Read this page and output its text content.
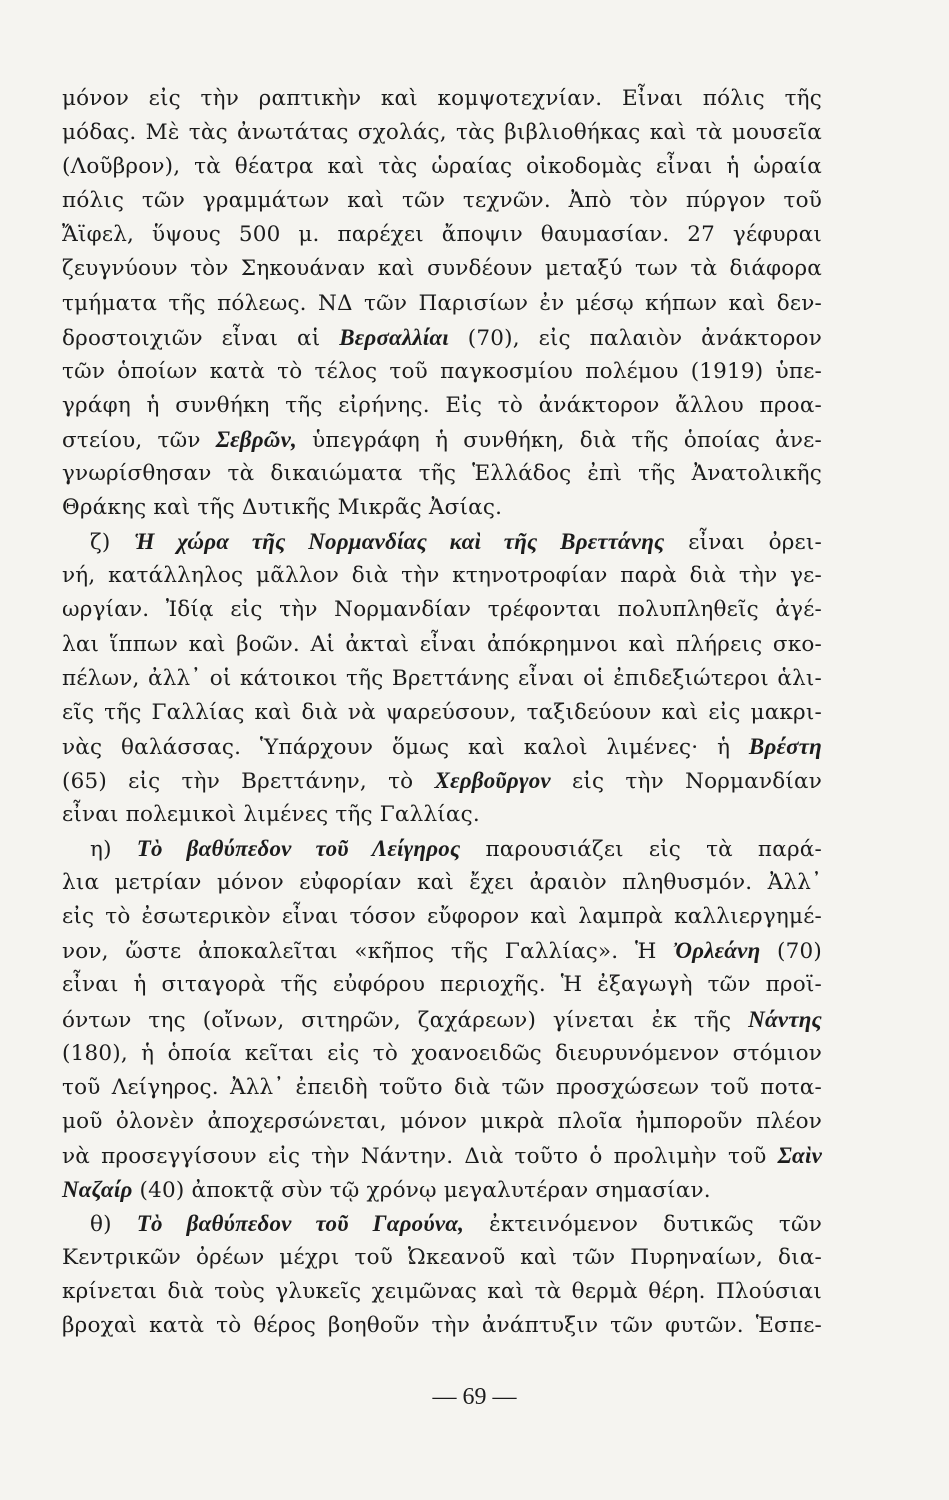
μόνον εἰς τὴν ραπτικὴν καὶ κομψοτεχνίαν. Εἶναι πόλις τῆς
μόδας. Μὲ τὰς ἀνωτάτας σχολάς, τὰς βιβλιοθήκας καὶ τὰ μουσεῖα
(Λοῦβρον), τὰ θέατρα καὶ τὰς ὡραίας οἰκοδομὰς εἶναι ἡ ὡραία
πόλις τῶν γραμμάτων καὶ τῶν τεχνῶν. Ἀπὸ τὸν πύργον τοῦ
Ἄϊφελ, ὕψους 500 μ. παρέχει ἄποψιν θαυμασίαν. 27 γέφυραι
ζευγνύουν τὸν Σηκουάναν καὶ συνδέουν μεταξύ των τὰ διάφορα
τμήματα τῆς πόλεως. ΝΔ τῶν Παρισίων ἐν μέσῳ κήπων καὶ δεν-
δροστοιχιῶν εἶναι αἱ Βερσαλλίαι (70), εἰς παλαιὸν ἀνάκτορον
τῶν ὁποίων κατὰ τὸ τέλος τοῦ παγκοσμίου πολέμου (1919) ὑπε-
γράφη ἡ συνθήκη τῆς εἰρήνης. Εἰς τὸ ἀνάκτορον ἄλλου προα-
στείου, τῶν Σεβρῶν, ὑπεγράφη ἡ συνθήκη, διὰ τῆς ὁποίας ἀνε-
γνωρίσθησαν τὰ δικαιώματα τῆς Ἑλλάδος ἐπὶ τῆς Ἀνατολικῆς
Θράκης καὶ τῆς Δυτικῆς Μικρᾶς Ἀσίας.
ζ) Ἡ χώρα τῆς Νορμανδίας καὶ τῆς Βρεττάνης εἶναι ὀρει-
νή, κατάλληλος μᾶλλον διὰ τὴν κτηνοτροφίαν παρὰ διὰ τὴν γε-
ωργίαν. Ἰδίᾳ εἰς τὴν Νορμανδίαν τρέφονται πολυπληθεῖς ἀγέ-
λαι ἵππων καὶ βοῶν. Αἱ ἀκταὶ εἶναι ἀπόκρημνοι καὶ πλήρεις σκο-
πέλων, ἀλλ᾽ οἱ κάτοικοι τῆς Βρεττάνης εἶναι οἱ ἐπιδεξιώτεροι ἁλι-
εῖς τῆς Γαλλίας καὶ διὰ νὰ ψαρεύσουν, ταξιδεύουν καὶ εἰς μακρι-
νὰς θαλάσσας. Ὑπάρχουν ὅμως καὶ καλοὶ λιμένες· ἡ Βρέστη
(65) εἰς τὴν Βρεττάνην, τὸ Χερβοῦργον εἰς τὴν Νορμανδίαν
εἶναι πολεμικοὶ λιμένες τῆς Γαλλίας.
η) Τὸ βαθύπεδον τοῦ Λείγηρος παρουσιάζει εἰς τὰ παρά-
λια μετρίαν μόνον εὐφορίαν καὶ ἔχει ἀραιὸν πληθυσμόν. Ἀλλ᾽
εἰς τὸ ἐσωτερικὸν εἶναι τόσον εὔφορον καὶ λαμπρὰ καλλιεργημέ-
νον, ὥστε ἀποκαλεῖται «κῆπος τῆς Γαλλίας». Ἡ Ὀρλεάνη (70)
εἶναι ἡ σιταγορὰ τῆς εὐφόρου περιοχῆς. Ἡ ἐξαγωγὴ τῶν προϊ-
όντων της (οἴνων, σιτηρῶν, ζαχάρεων) γίνεται ἐκ τῆς Νάντης
(180), ἡ ὁποία κεῖται εἰς τὸ χοανοειδῶς διευρυνόμενον στόμιον
τοῦ Λείγηρος. Ἀλλ᾽ ἐπειδὴ τοῦτο διὰ τῶν προσχώσεων τοῦ ποτα-
μοῦ ὀλονὲν ἀποχερσώνεται, μόνον μικρὰ πλοῖα ἠμποροῦν πλέον
νὰ προσεγγίσουν εἰς τὴν Νάντην. Διὰ τοῦτο ὁ προλιμὴν τοῦ Σαὶν
Ναζαίρ (40) ἀποκτᾷ σὺν τῷ χρόνῳ μεγαλυτέραν σημασίαν.
θ) Τὸ βαθύπεδον τοῦ Γαρούνα, ἐκτεινόμενον δυτικῶς τῶν
Κεντρικῶν ὀρέων μέχρι τοῦ Ὠκεανοῦ καὶ τῶν Πυρηναίων, δια-
κρίνεται διὰ τοὺς γλυκεῖς χειμῶνας καὶ τὰ θερμὰ θέρη. Πλούσιαι
βροχαὶ κατὰ τὸ θέρος βοηθοῦν τὴν ἀνάπτυξιν τῶν φυτῶν. Ἑσπε-
— 69 —
